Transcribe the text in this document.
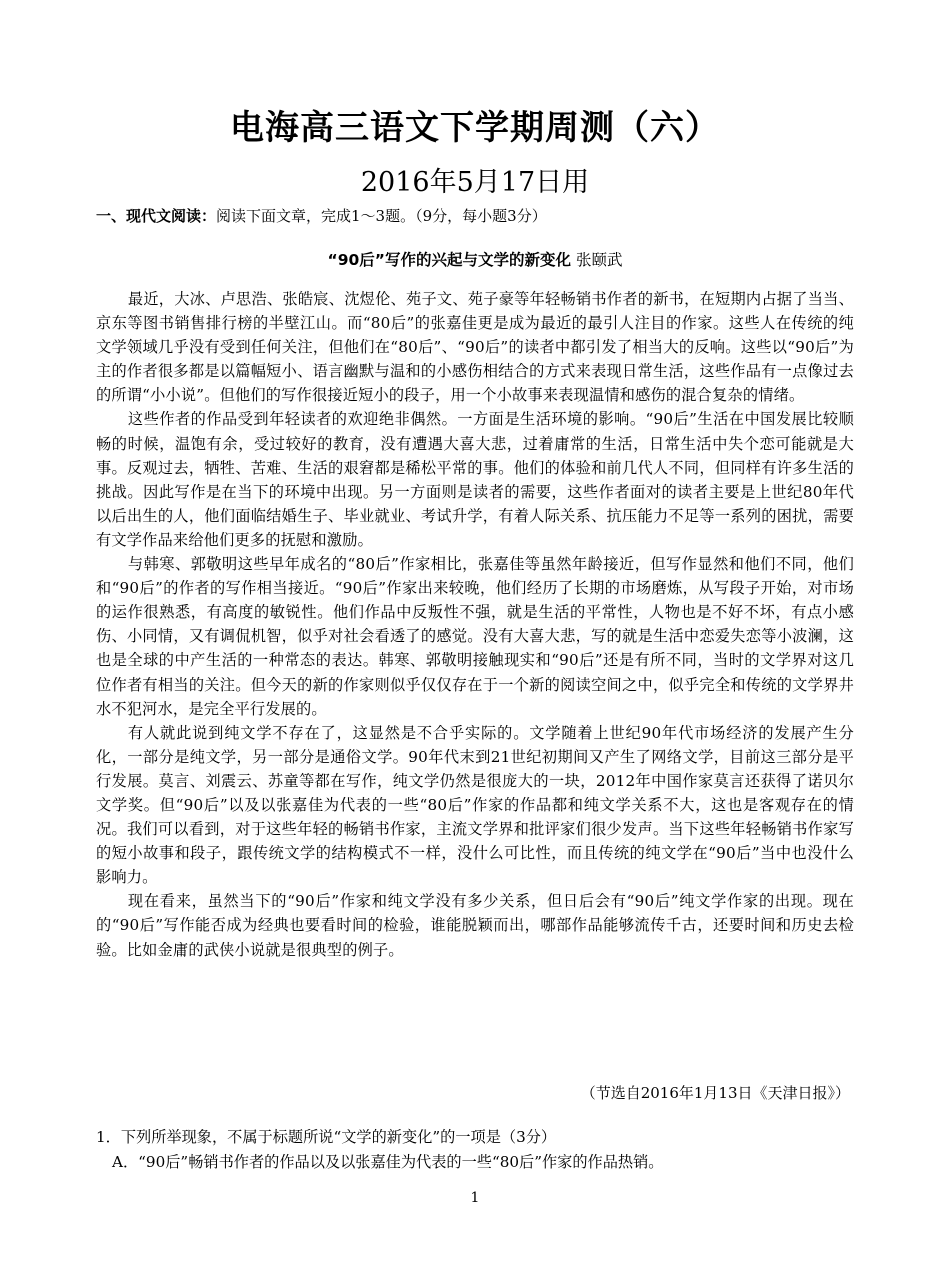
电海高三语文下学期周测（六）
2016年5月17日用
一、现代文阅读：阅读下面文章，完成1～3题。（9分，每小题3分）
“90后”写作的兴起与文学的新变化 张颐武

最近，大冰、卢思浩、张皓宸、沈煜伦、苑子文、苑子豪等年轻畅销书作者的新书，在短期内占据了当当、京东等图书销售排行榜的半壁江山。而“80后”的张嘉佳更是成为最近的最引人注目的作家。这些人在传统的纯文学领域几乎没有受到任何关注，但他们在“80后”、“90后”的读者中都引发了相当大的反响。这些以“90后”为主的作者很多都是以篇幅短小、语言幽默与温和的小感伤相结合的方式来表现日常生活，这些作品有一点像过去的所谓“小小说”。但他们的写作很接近短小的段子，用一个小故事来表现温情和感伤的混合复杂的情绪。

这些作者的作品受到年轻读者的欢迎绝非偶然。一方面是生活环境的影响。“90后”生活在中国发展比较顺畅的时候，温饱有余，受过较好的教育，没有遭遇大喜大悲，过着庸常的生活，日常生活中失个恋可能就是大事。反观过去，牺牲、苦难、生活的艰窘都是稀松平常的事。他们的体验和前几代人不同，但同样有许多生活的挑战。因此写作是在当下的环境中出现。另一方面则是读者的需要，这些作者面对的读者主要是上世纪80年代以后出生的人，他们面临结婚生子、毕业就业、考试升学，有着人际关系、抗压能力不足等一系列的困扰，需要有文学作品来给他们更多的抚慰和激励。

与韩寒、郭敬明这些早年成名的“80后”作家相比，张嘉佳等虽然年龄接近，但写作显然和他们不同，他们和“90后”的作者的写作相当接近。“90后”作家出来较晚，他们经历了长期的市场磨炼，从写段子开始，对市场的运作很熟悉，有高度的敏锐性。他们作品中反叛性不强，就是生活的平常性，人物也是不好不坏，有点小感伤、小同情，又有调侃机智，似乎对社会看透了的感觉。没有大喜大悲，写的就是生活中恋爱失恋等小波澜，这也是全球的中产生活的一种常态的表达。韩寒、郭敬明接触现实和“90后”还是有所不同，当时的文学界对这几位作者有相当的关注。但今天的新的作家则似乎仅仅存在于一个新的阅读空间之中，似乎完全和传统的文学界井水不犯河水，是完全平行发展的。

有人就此说到纯文学不存在了，这显然是不合乎实际的。文学随着上世纪90年代市场经济的发展产生分化，一部分是纯文学，另一部分是通俗文学。90年代末到21世纪初期间又产生了网络文学，目前这三部分是平行发展。莫言、刘震云、苏童等都在写作，纯文学仍然是很庞大的一块，2012年中国作家莫言还获得了诺贝尔文学奖。但“90后”以及以张嘉佳为代表的一些“80后”作家的作品都和纯文学关系不大，这也是客观存在的情况。我们可以看到，对于这些年轻的畅销书作家，主流文学界和批评家们很少发声。当下这些年轻畅销书作家写的短小故事和段子，跟传统文学的结构模式不一样，没什么可比性，而且传统的纯文学在“90后”当中也没什么影响力。

现在看来，虽然当下的“90后”作家和纯文学没有多少关系，但日后会有“90后”纯文学作家的出现。现在的“90后”写作能否成为经典也要看时间的检验，谁能脱颖而出，哪部作品能够流传千古，还要时间和历史去检验。比如金庸的武侠小说就是很典型的例子。

（节选自2016年1月13日《天津日报》）
1．下列所举现象，不属于标题所说“文学的新变化”的一项是（3分）
A．“90后”畅销书作者的作品以及以张嘉佳为代表的一些“80后”作家的作品热销。
1
